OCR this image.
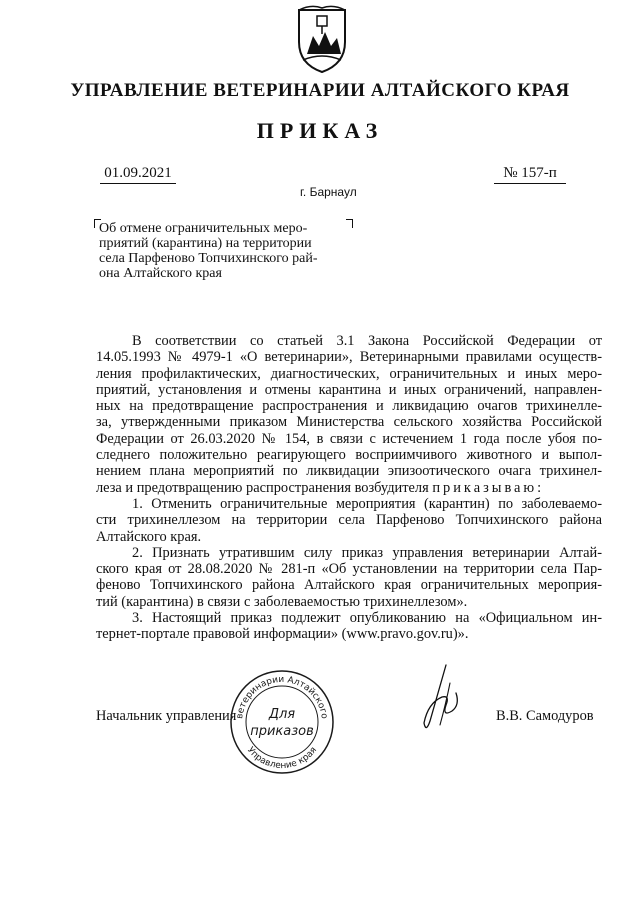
УПРАВЛЕНИЕ ВЕТЕРИНАРИИ АЛТАЙСКОГО КРАЯ
ПРИКАЗ
01.09.2021	№ 157-п
г. Барнаул
Об отмене ограничительных меро-
приятий (карантина) на территории
села Парфеново Топчихинского рай-
она Алтайского края
В соответствии со статьей 3.1 Закона Российской Федерации от
14.05.1993 № 4979-1 «О ветеринарии», Ветеринарными правилами осуществ-
ления профилактических, диагностических, ограничительных и иных меро-
приятий, установления и отмены карантина и иных ограничений, направлен-
ных на предотвращение распространения и ликвидацию очагов трихинелле-
за, утвержденными приказом Министерства сельского хозяйства Российской
Федерации от 26.03.2020 № 154, в связи с истечением 1 года после убоя по-
следнего положительно реагирующего восприимчивого животного и выпол-
нением плана мероприятий по ликвидации эпизоотического очага трихинел-
леза и предотвращению распространения возбудителя приказываю:
1. Отменить ограничительные мероприятия (карантин) по заболеваемо-
сти трихинеллезом на территории села Парфеново Топчихинского района
Алтайского края.
2. Признать утратившим силу приказ управления ветеринарии Алтай-
ского края от 28.08.2020 № 281-п «Об установлении на территории села Пар-
феново Топчихинского района Алтайского края ограничительных мероприя-
тий (карантина) в связи с заболеваемостью трихинеллезом».
3. Настоящий приказ подлежит опубликованию на «Официальном ин-
тернет-портале правовой информации» (www.pravo.gov.ru)».
Начальник управления	В.В. Самодуров
ветеринарии Алтайского
Управление края
Для
приказов
